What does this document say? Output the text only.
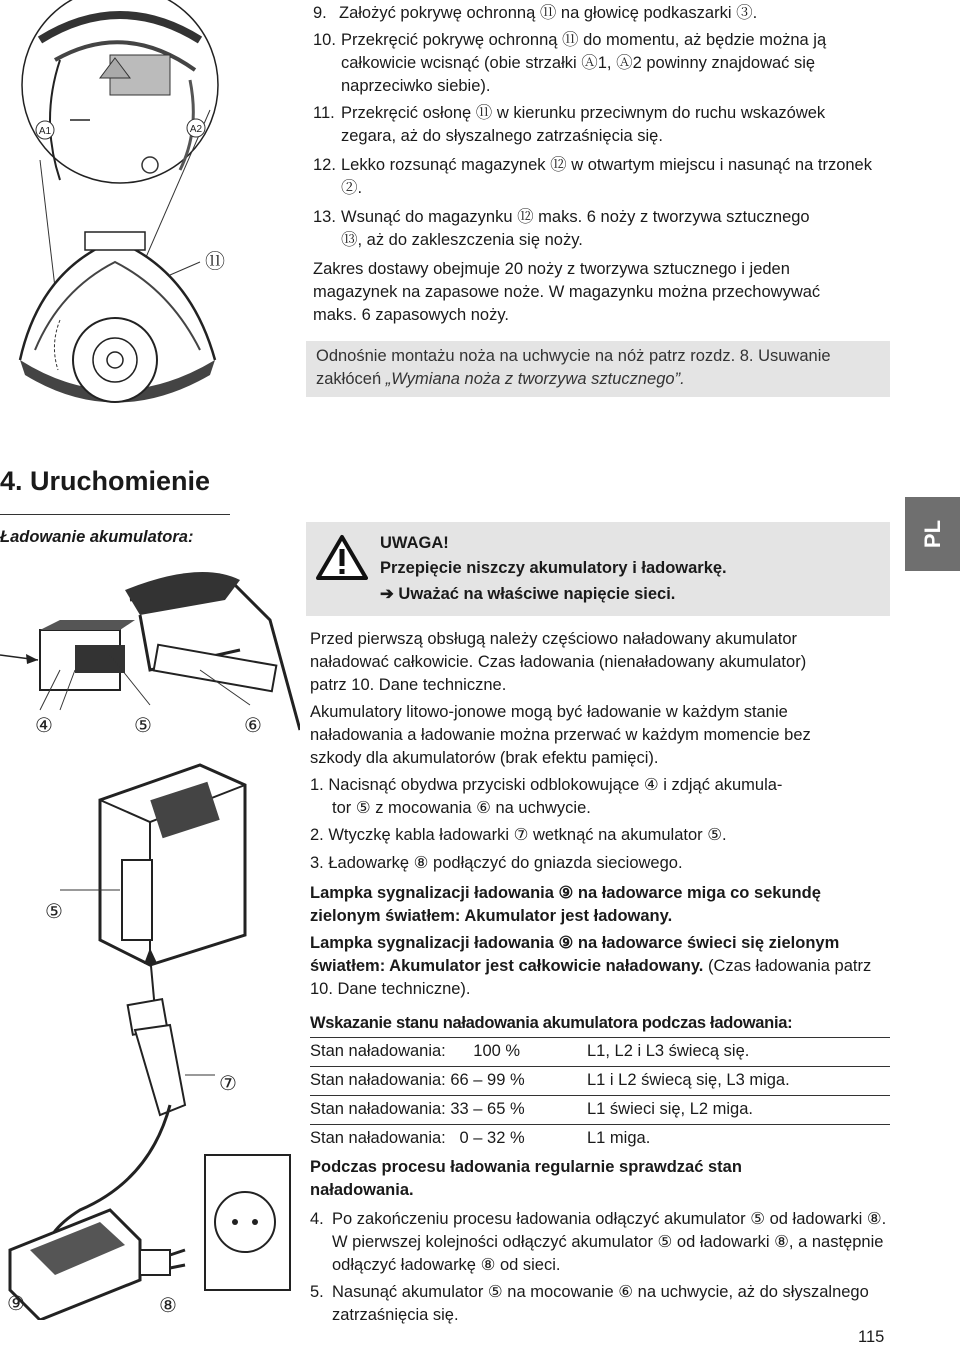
A1	A2
⑪
9. Założyć pokrywę ochronną ⑪ na głowicę podkaszarki ③.
10. Przekręcić pokrywę ochronną ⑪ do momentu, aż będzie można ją całkowicie wcisnąć (obie strzałki Ⓐ1, Ⓐ2 powinny znajdować się naprzeciwko siebie).
11. Przekręcić osłonę ⑪ w kierunku przeciwnym do ruchu wskazówek zegara, aż do słyszalnego zatrzaśnięcia się.
12. Lekko rozsunąć magazynek ⑫ w otwartym miejscu i nasunąć na trzonek ②.
13. Wsunąć do magazynku ⑫ maks. 6 noży z tworzywa sztucznego ⑬, aż do zakleszczenia się noży.
Zakres dostawy obejmuje 20 noży z tworzywa sztucznego i jeden magazynek na zapasowe noże. W magazynku można przechowywać maks. 6 zapasowych noży.
Odnośnie montażu noża na uchwycie na nóż patrz rozdz. 8. Usuwanie zakłóceń „Wymiana noża z tworzywa sztucznego”.
4. Uruchomienie
Ładowanie akumulatora:	PL
UWAGA!
Przepięcie niszczy akumulatory i ładowarkę.
➔ Uważać na właściwe napięcie sieci.
④	⑤	⑥
⑤
⑦
⑨	⑧
Przed pierwszą obsługą należy częściowo naładowany akumulator naładować całkowicie. Czas ładowania (nienaładowany akumulator) patrz 10. Dane techniczne.
Akumulatory litowo-jonowe mogą być ładowanie w każdym stanie naładowania a ładowanie można przerwać w każdym momencie bez szkody dla akumulatorów (brak efektu pamięci).
1. Nacisnąć obydwa przyciski odblokowujące ④ i zdjąć akumula-
tor ⑤ z mocowania ⑥ na uchwycie.
2. Wtyczkę kabla ładowarki ⑦ wetknąć na akumulator ⑤.
3. Ładowarkę ⑧ podłączyć do gniazda sieciowego.
Lampka sygnalizacji ładowania ⑨ na ładowarce miga co sekundę zielonym światłem: Akumulator jest ładowany.
Lampka sygnalizacji ładowania ⑨ na ładowarce świeci się zielonym światłem: Akumulator jest całkowicie naładowany. (Czas ładowania patrz 10. Dane techniczne).
Wskazanie stanu naładowania akumulatora podczas ładowania:
Stan naładowania:      100 %	L1, L2 i L3 świecą się.
Stan naładowania: 66 – 99 %	L1 i L2 świecą się, L3 miga.
Stan naładowania: 33 – 65 %	L1 świeci się, L2 miga.
Stan naładowania:   0 – 32 %	L1 miga.
Podczas procesu ładowania regularnie sprawdzać stan naładowania.
4. Po zakończeniu procesu ładowania odłączyć akumulator ⑤ od ładowarki ⑧. W pierwszej kolejności odłączyć akumulator ⑤ od ładowarki ⑧, a następnie odłączyć ładowarkę ⑧ od sieci.
5. Nasunąć akumulator ⑤ na mocowanie ⑥ na uchwycie, aż do słyszalnego zatrzaśnięcia się.
115
